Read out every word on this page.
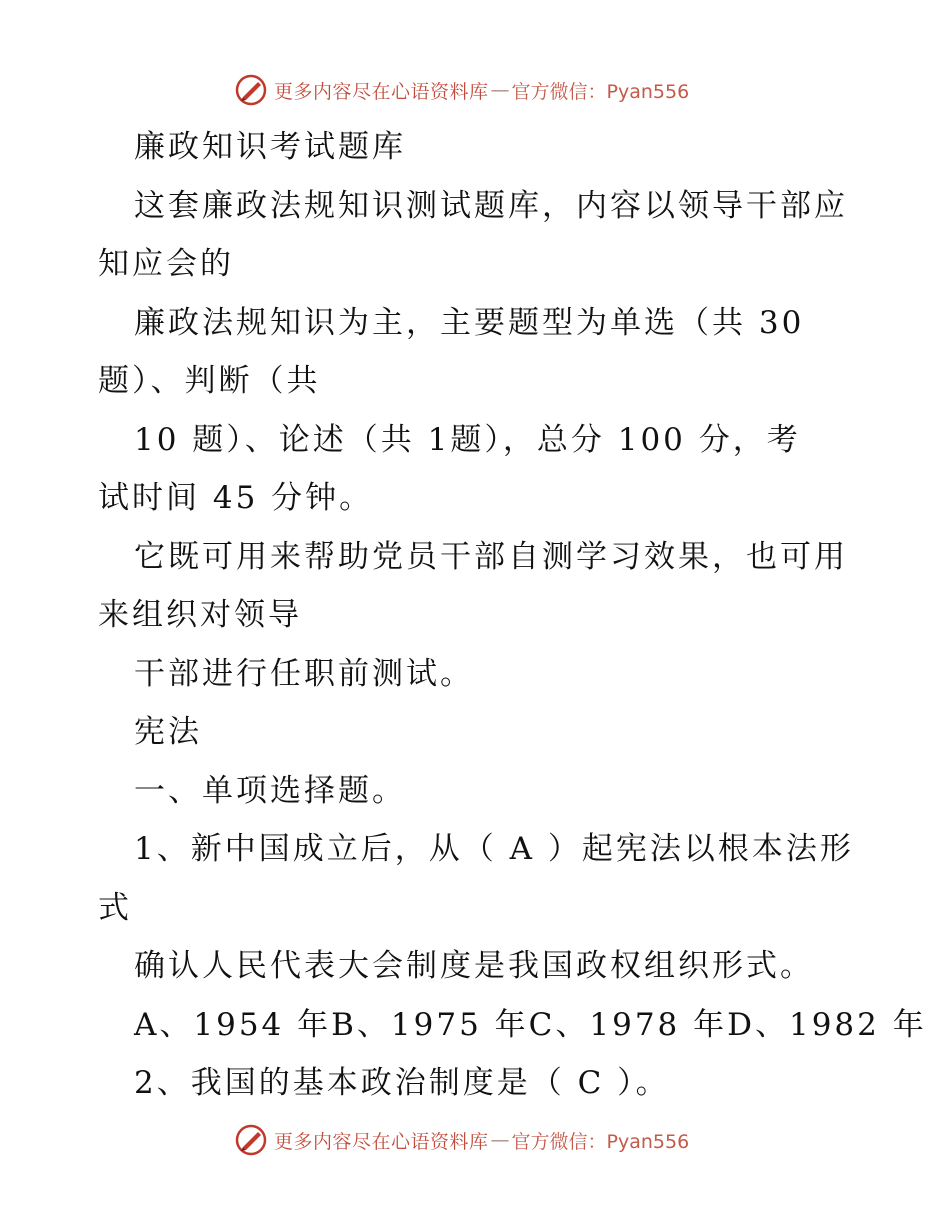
更多内容尽在心语资料库 — 官方微信：Pyan556
廉政知识考试题库
这套廉政法规知识测试题库，内容以领导干部应
知应会的
廉政法规知识为主，主要题型为单选（共 30
题）、判断（共
10 题）、论述（共 1题），总分 100 分，考
试时间 45 分钟。
它既可用来帮助党员干部自测学习效果，也可用
来组织对领导
干部进行任职前测试。
宪法
一、单项选择题。
1、新中国成立后，从（ A ）起宪法以根本法形
式
确认人民代表大会制度是我国政权组织形式。
A、1954 年B、1975 年C、1978 年D、1982 年
2、我国的基本政治制度是（ C ）。
更多内容尽在心语资料库 — 官方微信：Pyan556
